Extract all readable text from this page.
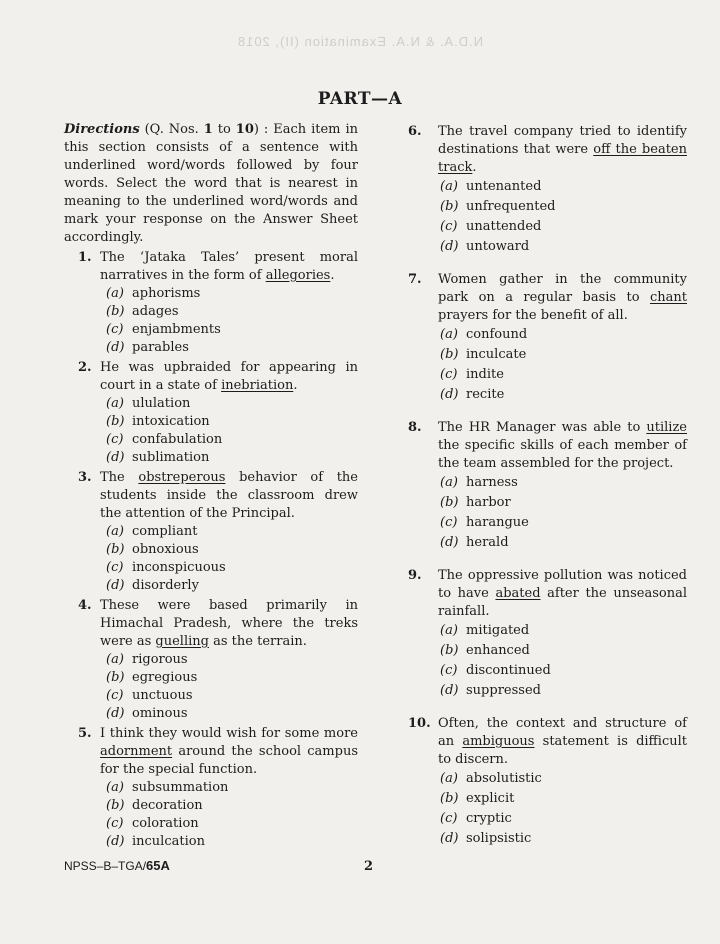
N.D.A. & N.A. Examination (II), 2018
PART—A

Directions (Q. Nos. 1 to 10) : Each item in this section consists of a sentence with underlined word/words followed by four words. Select the word that is nearest in meaning to the underlined word/words and mark your response on the Answer Sheet accordingly.

1. The ‘Jataka Tales’ present moral narratives in the form of allegories.

(a) aphorisms
(b) adages
(c) enjambments
(d) parables
2. He was upbraided for appearing in court in a state of inebriation.

(a) ululation
(b) intoxication
(c) confabulation
(d) sublimation
3. The obstreperous behavior of the students inside the classroom drew the attention of the Principal.

(a) compliant
(b) obnoxious
(c) inconspicuous
(d) disorderly
4. These were based primarily in Himachal Pradesh, where the treks were as guelling as the terrain.

(a) rigorous
(b) egregious
(c) unctuous
(d) ominous
5. I think they would wish for some more adornment around the school campus for the special function.

(a) subsummation
(b) decoration
(c) coloration
(d) inculcation
6. The travel company tried to identify destinations that were off the beaten track.

(a) untenanted
(b) unfrequented
(c) unattended
(d) untoward
7. Women gather in the community park on a regular basis to chant prayers for the benefit of all.

(a) confound
(b) inculcate
(c) indite
(d) recite
8. The HR Manager was able to utilize the specific skills of each member of the team assembled for the project.

(a) harness
(b) harbor
(c) harangue
(d) herald
9. The oppressive pollution was noticed to have abated after the unseasonal rainfall.

(a) mitigated
(b) enhanced
(c) discontinued
(d) suppressed
10. Often, the context and structure of an ambiguous statement is difficult to discern.

(a) absolutistic
(b) explicit
(c) cryptic
(d) solipsistic
NPSS–B–TGA/65A	2
